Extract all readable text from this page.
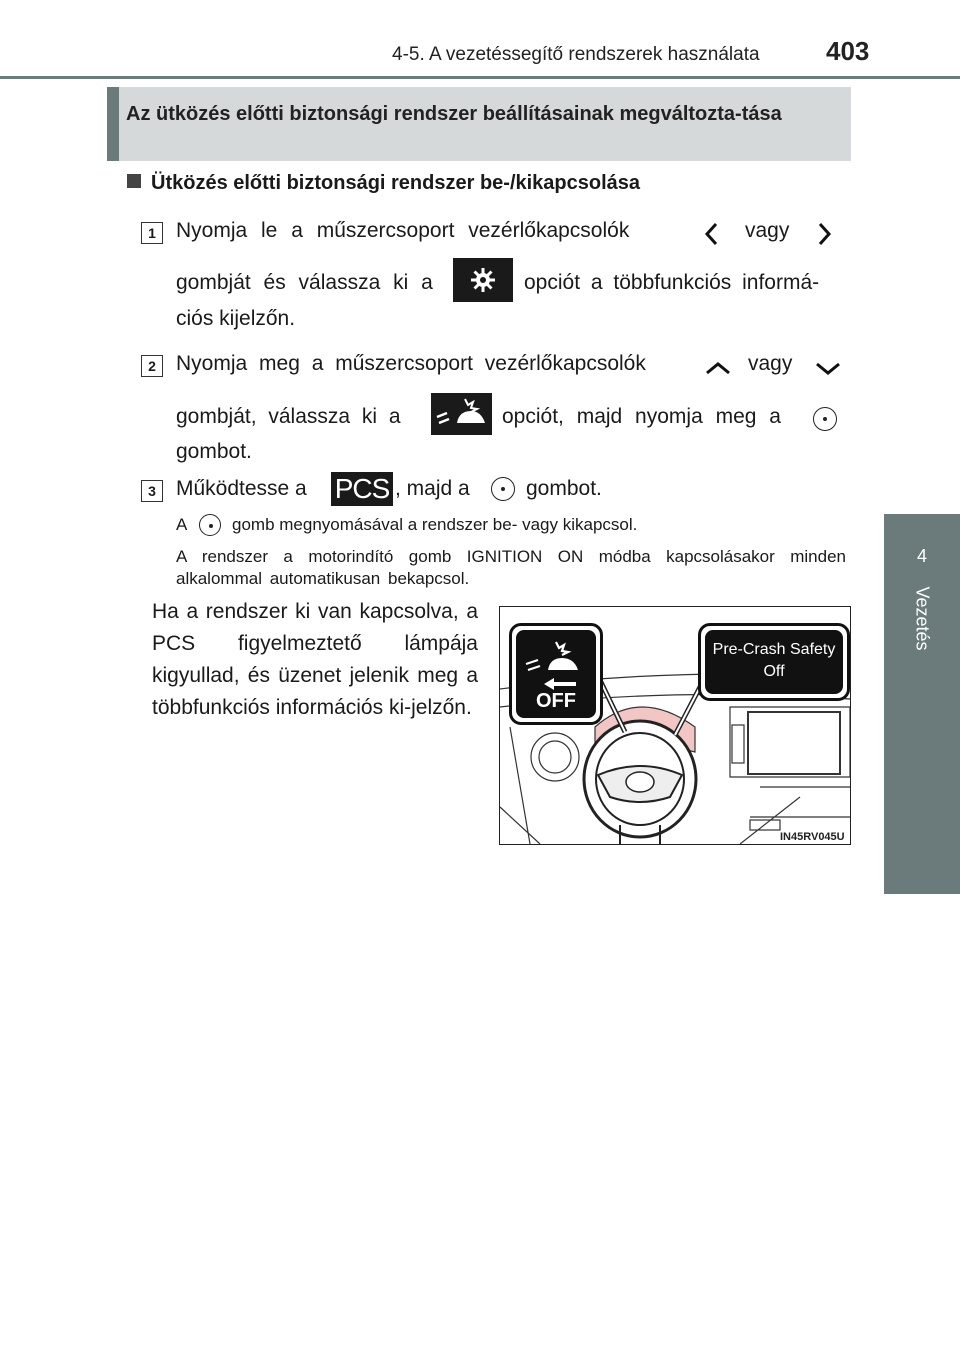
4-5. A vezetéssegítő rendszerek használata	403
4
Vezetés
Az ütközés előtti biztonsági rendszer beállításainak megváltozta-tása
Ütközés előtti biztonsági rendszer be-/kikapcsolása
1 Nyomja le a műszercsoport vezérlőkapcsolók	vagy
gombját és válassza ki a	opciót a többfunkciós informá-
ciós kijelzőn.
2 Nyomja meg a műszercsoport vezérlőkapcsolók	vagy
gombját, válassza ki a	opciót, majd nyomja meg a
gombot.
3 Működtesse a PCS , majd a	gombot.
A	gomb megnyomásával a rendszer be- vagy kikapcsol.
A rendszer a motorindító gomb IGNITION ON módba kapcsolásakor minden alkalommal automatikusan bekapcsol.
Ha a rendszer ki van kapcsolva, a PCS figyelmeztető lámpája kigyullad, és üzenet jelenik meg a többfunkciós információs ki-jelzőn.	OFF
Pre-Crash Safety
Off
IN45RV045U
